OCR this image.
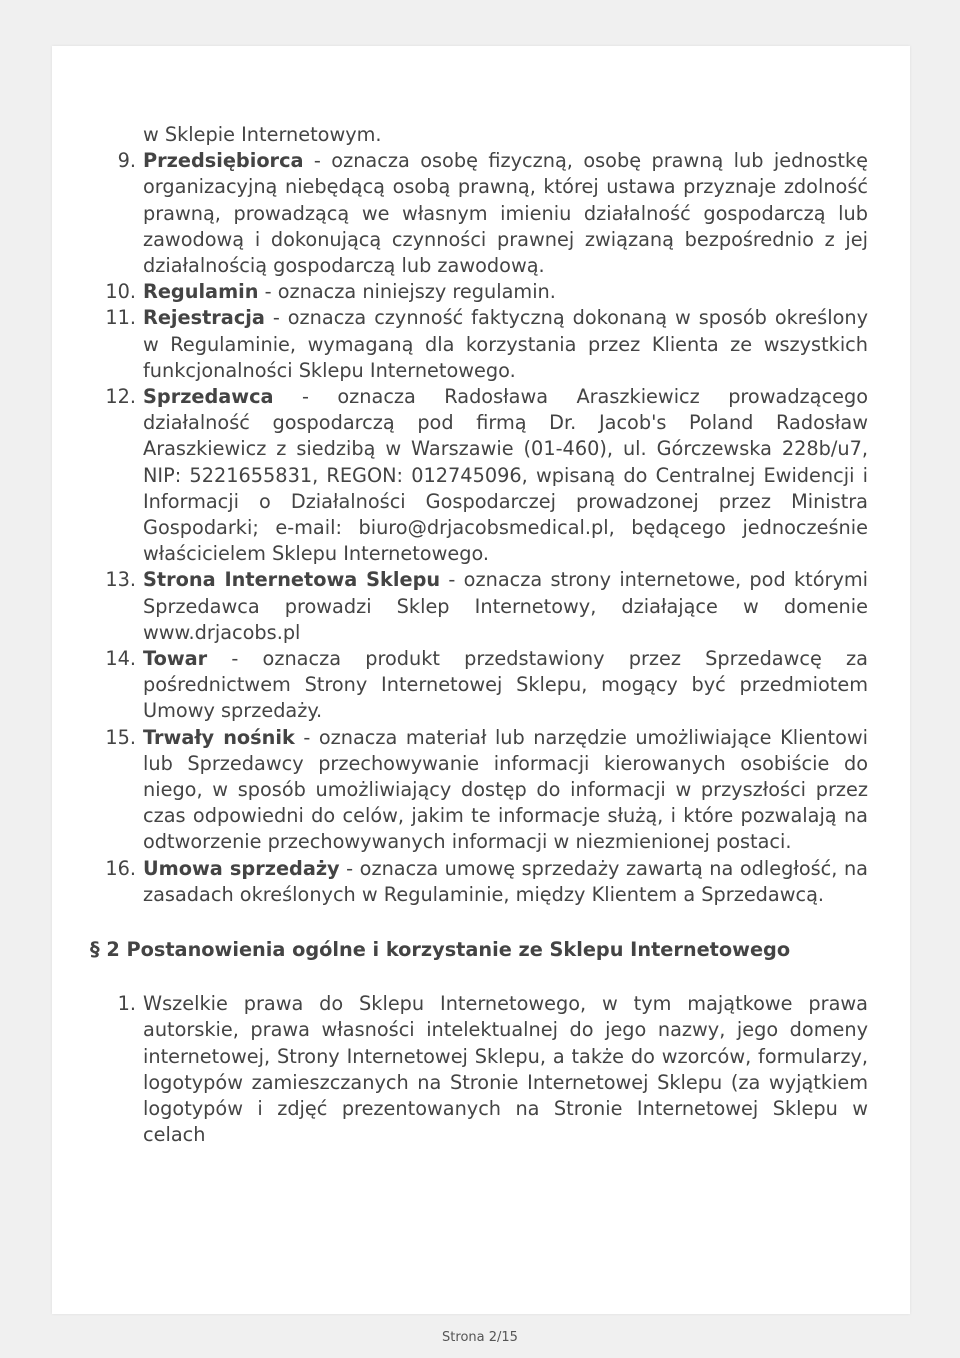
w Sklepie Internetowym.
9. Przedsiębiorca - oznacza osobę fizyczną, osobę prawną lub jednostkę organizacyjną niebędącą osobą prawną, której ustawa przyznaje zdolność prawną, prowadzącą we własnym imieniu działalność gospodarczą lub zawodową i dokonującą czynności prawnej związaną bezpośrednio z jej działalnością gospodarczą lub zawodową.
10. Regulamin - oznacza niniejszy regulamin.
11. Rejestracja - oznacza czynność faktyczną dokonaną w sposób określony w Regulaminie, wymaganą dla korzystania przez Klienta ze wszystkich funkcjonalności Sklepu Internetowego.
12. Sprzedawca - oznacza Radosława Araszkiewicz prowadzącego działalność gospodarczą pod firmą Dr. Jacob's Poland Radosław Araszkiewicz z siedzibą w Warszawie (01-460), ul. Górczewska 228b/u7, NIP: 5221655831, REGON: 012745096, wpisaną do Centralnej Ewidencji i Informacji o Działalności Gospodarczej prowadzonej przez Ministra Gospodarki; e-mail: biuro@drjacobsmedical.pl, będącego jednocześnie właścicielem Sklepu Internetowego.
13. Strona Internetowa Sklepu - oznacza strony internetowe, pod którymi Sprzedawca prowadzi Sklep Internetowy, działające w domenie www.drjacobs.pl
14. Towar - oznacza produkt przedstawiony przez Sprzedawcę za pośrednictwem Strony Internetowej Sklepu, mogący być przedmiotem Umowy sprzedaży.
15. Trwały nośnik - oznacza materiał lub narzędzie umożliwiające Klientowi lub Sprzedawcy przechowywanie informacji kierowanych osobiście do niego, w sposób umożliwiający dostęp do informacji w przyszłości przez czas odpowiedni do celów, jakim te informacje służą, i które pozwalają na odtworzenie przechowywanych informacji w niezmienionej postaci.
16. Umowa sprzedaży - oznacza umowę sprzedaży zawartą na odległość, na zasadach określonych w Regulaminie, między Klientem a Sprzedawcą.
§ 2 Postanowienia ogólne i korzystanie ze Sklepu Internetowego
1. Wszelkie prawa do Sklepu Internetowego, w tym majątkowe prawa autorskie, prawa własności intelektualnej do jego nazwy, jego domeny internetowej, Strony Internetowej Sklepu, a także do wzorców, formularzy, logotypów zamieszczanych na Stronie Internetowej Sklepu (za wyjątkiem logotypów i zdjęć prezentowanych na Stronie Internetowej Sklepu w celach
Strona 2/15
